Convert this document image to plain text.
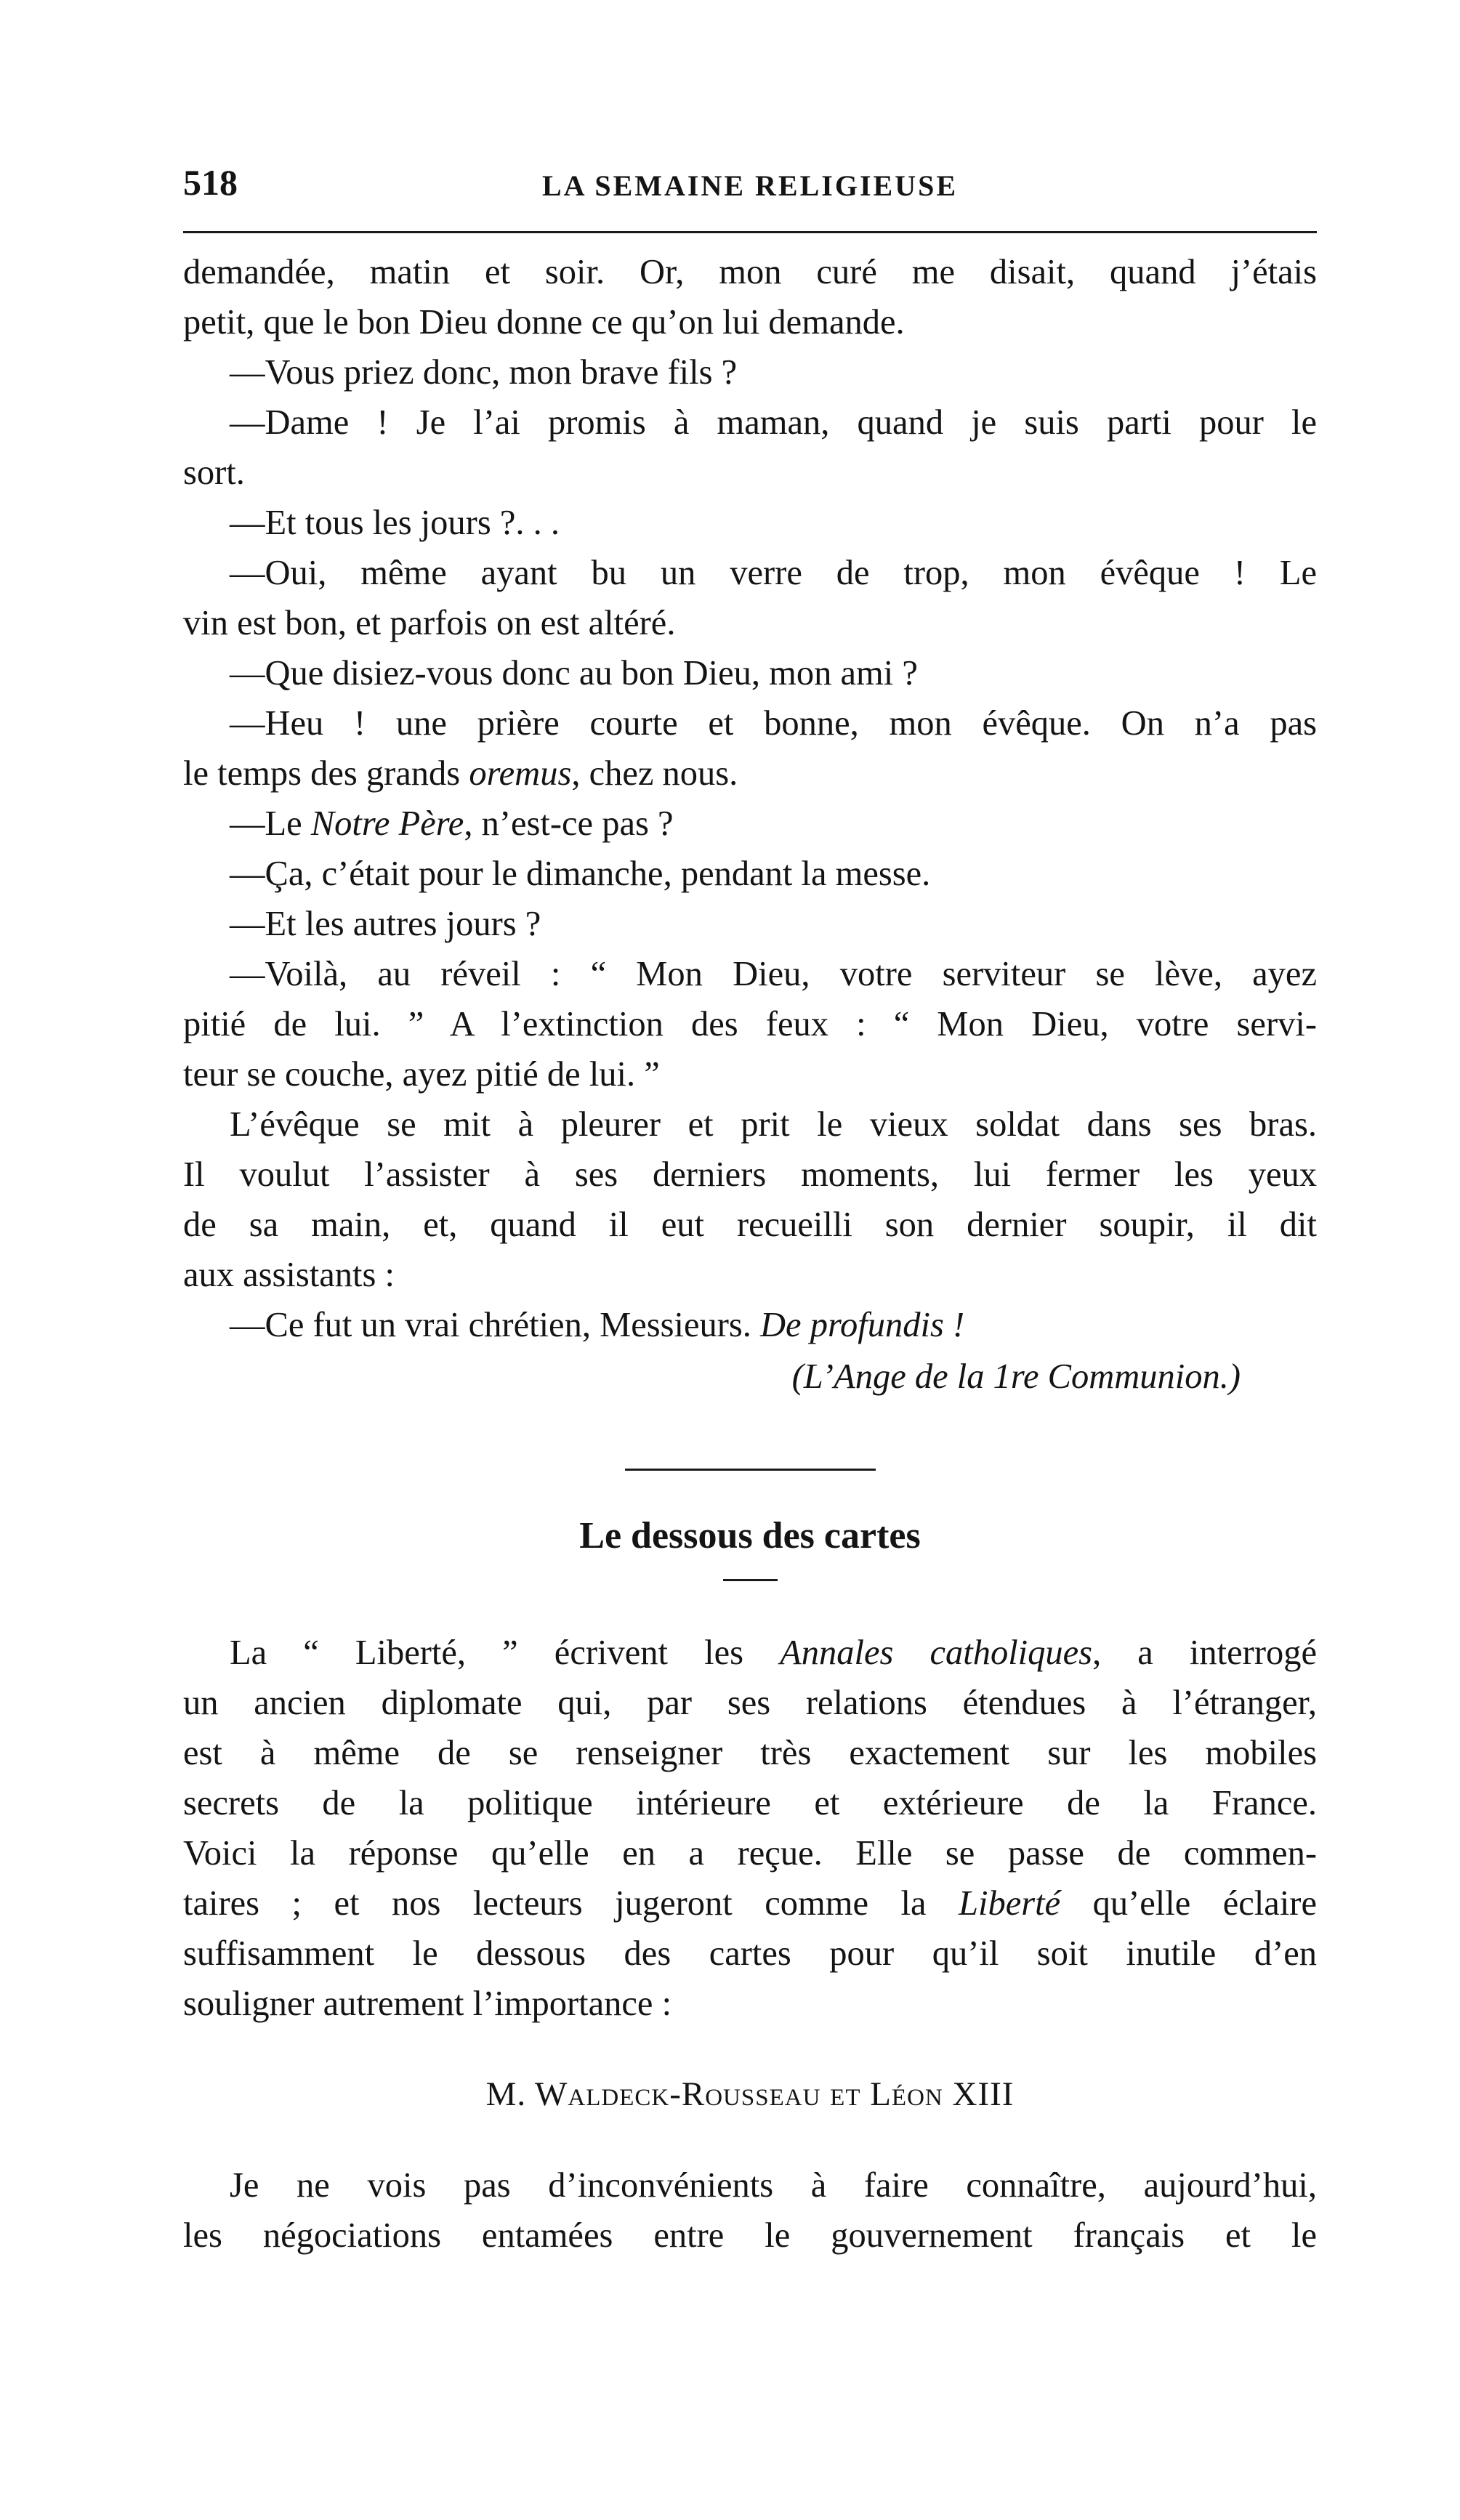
518	LA SEMAINE RELIGIEUSE
demandée, matin et soir. Or, mon curé me disait, quand j’étais
petit, que le bon Dieu donne ce qu’on lui demande.
—Vous priez donc, mon brave fils ?
—Dame ! Je l’ai promis à maman, quand je suis parti pour le
sort.
—Et tous les jours ?. . .
—Oui, même ayant bu un verre de trop, mon évêque ! Le
vin est bon, et parfois on est altéré.
—Que disiez-vous donc au bon Dieu, mon ami ?
—Heu ! une prière courte et bonne, mon évêque. On n’a pas
le temps des grands oremus, chez nous.
—Le Notre Père, n’est-ce pas ?
—Ça, c’était pour le dimanche, pendant la messe.
—Et les autres jours ?
—Voilà, au réveil : “ Mon Dieu, votre serviteur se lève, ayez
pitié de lui. ” A l’extinction des feux : “ Mon Dieu, votre servi-
teur se couche, ayez pitié de lui. ”
L’évêque se mit à pleurer et prit le vieux soldat dans ses bras.
Il voulut l’assister à ses derniers moments, lui fermer les yeux
de sa main, et, quand il eut recueilli son dernier soupir, il dit
aux assistants :
—Ce fut un vrai chrétien, Messieurs. De profundis !
(L’Ange de la 1re Communion.)
Le dessous des cartes
La “ Liberté, ” écrivent les Annales catholiques, a interrogé
un ancien diplomate qui, par ses relations étendues à l’étranger,
est à même de se renseigner très exactement sur les mobiles
secrets de la politique intérieure et extérieure de la France.
Voici la réponse qu’elle en a reçue. Elle se passe de commen-
taires ; et nos lecteurs jugeront comme la Liberté qu’elle éclaire
suffisamment le dessous des cartes pour qu’il soit inutile d’en
souligner autrement l’importance :
M. Waldeck-Rousseau et Léon XIII
Je ne vois pas d’inconvénients à faire connaître, aujourd’hui,
les négociations entamées entre le gouvernement français et le
